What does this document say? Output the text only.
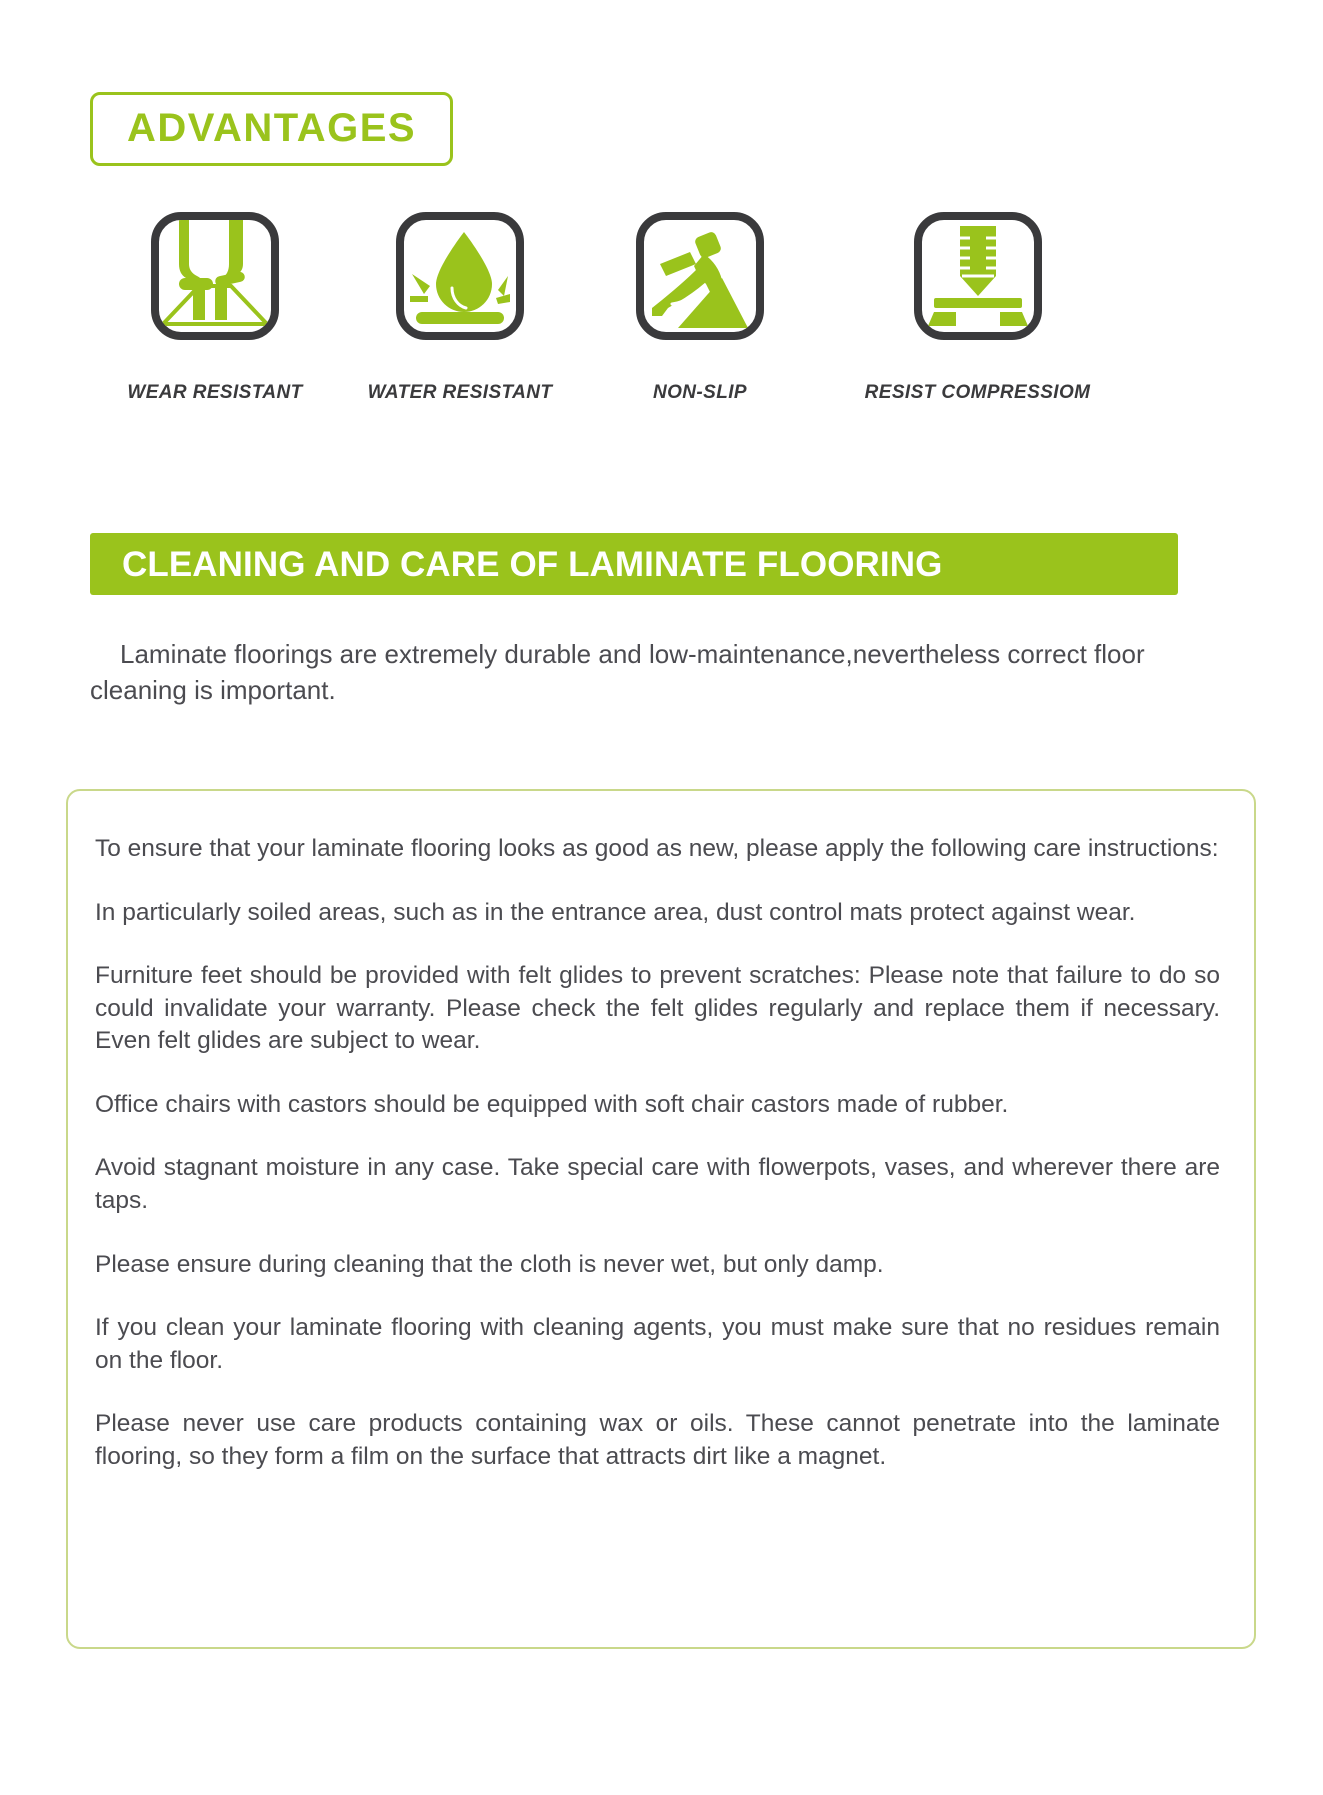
ADVANTAGES
WEAR RESISTANT	WATER RESISTANT	NON-SLIP	RESIST COMPRESSIOM
CLEANING AND CARE OF LAMINATE FLOORING
Laminate floorings are extremely durable and low-maintenance,nevertheless correct floor cleaning is important.

To ensure that your laminate flooring looks as good as new, please apply the following care instructions:

In particularly soiled areas, such as in the entrance area, dust control mats protect against wear.

Furniture feet should be provided with felt glides to prevent scratches: Please note that failure to do so could invalidate your warranty. Please check the felt glides regularly and replace them if necessary. Even felt glides are subject to wear.

Office chairs with castors should be equipped with soft chair castors made of rubber.

Avoid stagnant moisture in any case. Take special care with flowerpots, vases, and wherever there are taps.

Please ensure during cleaning that the cloth is never wet, but only damp.

If you clean your laminate flooring with cleaning agents, you must make sure that no residues remain on the floor.

Please never use care products containing wax or oils. These cannot penetrate into the laminate flooring, so they form a film on the surface that attracts dirt like a magnet.
